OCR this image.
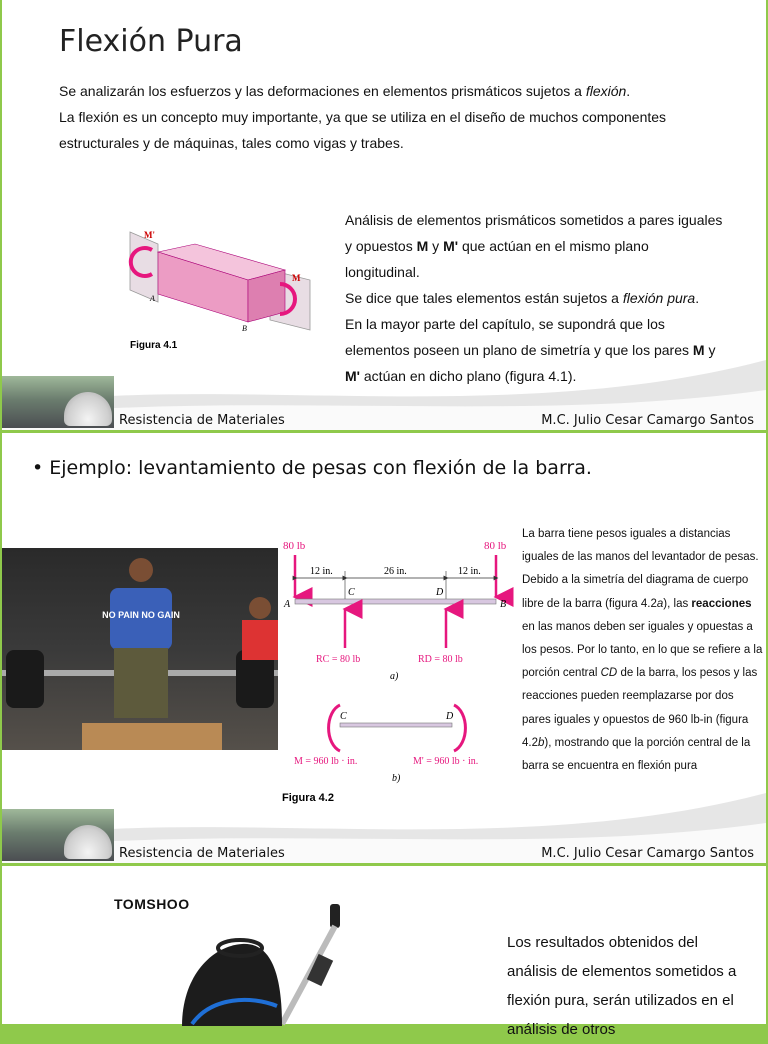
Flexión Pura

Se analizarán los esfuerzos y las deformaciones en elementos prismáticos sujetos a flexión.
La flexión es un concepto muy importante, ya que se utiliza en el diseño de muchos componentes estructurales y de máquinas, tales como vigas y trabes.

M'
M
A
B
Figura 4.1

Análisis de elementos prismáticos sometidos a pares iguales y opuestos M y M' que actúan en el mismo plano longitudinal.
Se dice que tales elementos están sujetos a flexión pura.
En la mayor parte del capítulo, se supondrá que los elementos poseen un plano de simetría y que los pares M y M' actúan en dicho plano (figura 4.1).

Resistencia de Materiales	M.C. Julio Cesar Camargo Santos
• Ejemplo: levantamiento de pesas con flexión de la barra.
NO PAIN NO GAIN
80 lb	80 lb
12 in.	26 in.	12 in.
A	B
C	D
RC = 80 lb	RD = 80 lb
a)
C	D
M = 960 lb · in.	M' = 960 lb · in.
b)
Figura 4.2

La barra tiene pesos iguales a distancias iguales de las manos del levantador de pesas. Debido a la simetría del diagrama de cuerpo libre de la barra (figura 4.2a), las reacciones en las manos deben ser iguales y opuestas a los pesos. Por lo tanto, en lo que se refiere a la porción central CD de la barra, los pesos y las reacciones pueden reemplazarse por dos pares iguales y opuestos de 960 lb-in (figura 4.2b), mostrando que la porción central de la barra se encuentra en flexión pura

Resistencia de Materiales	M.C. Julio Cesar Camargo Santos
TOMSHOO

Los resultados obtenidos del análisis de elementos sometidos a flexión pura, serán utilizados en el análisis de otros
